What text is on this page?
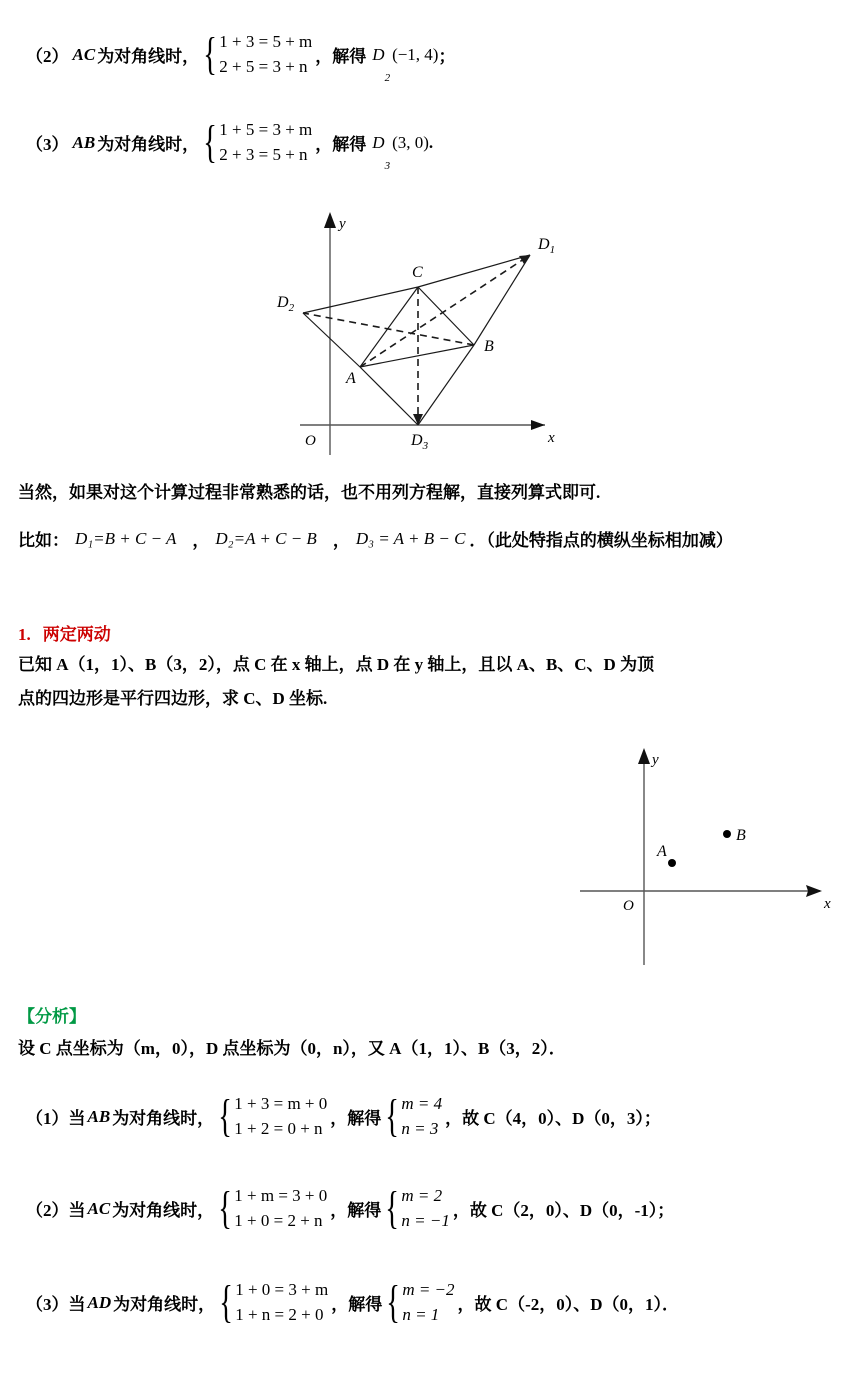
（2） AC 为对角线时， { 1 + 3 = 5 + m
2 + 5 = 3 + n ，解得 D
2
(−1, 4) ；
（3） AB 为对角线时， { 1 + 5 = 3 + m
2 + 3 = 5 + n ，解得 D
3
(3, 0) .
A
B
C
$D_1$
$D_2$
$D_3$
O	x
y
当然，如果对这个计算过程非常熟悉的话，也不用列方程解，直接列算式即可.
比如： D₁=B + C − A ， D₂=A + C − B ， D₃ = A + B − C ．（此处特指点的横纵坐标相加减）
1. 两定两动
已知 A（1，1）、B（3，2），点 C 在 x 轴上，点 D 在 y 轴上，且以 A、B、C、D 为顶
点的四边形是平行四边形，求 C、D 坐标.
A
B
O	x
y
【分析】
设 C 点坐标为（m，0），D 点坐标为（0，n），又 A（1，1）、B（3，2）．
（1） 当 AB 为对角线时， { 1 + 3 = m + 0
1 + 2 = 0 + n ，解得 { m = 4
n = 3 ，故 C（4，0）、D（0，3）；
（2） 当 AC 为对角线时， { 1 + m = 3 + 0
1 + 0 = 2 + n ，解得 { m = 2
n = −1 ，故 C（2，0）、D（0，-1）；
（3） 当 AD 为对角线时， { 1 + 0 = 3 + m
1 + n = 2 + 0 ，解得 { m = −2
n = 1	，故 C（-2，0）、D（0，1）．
